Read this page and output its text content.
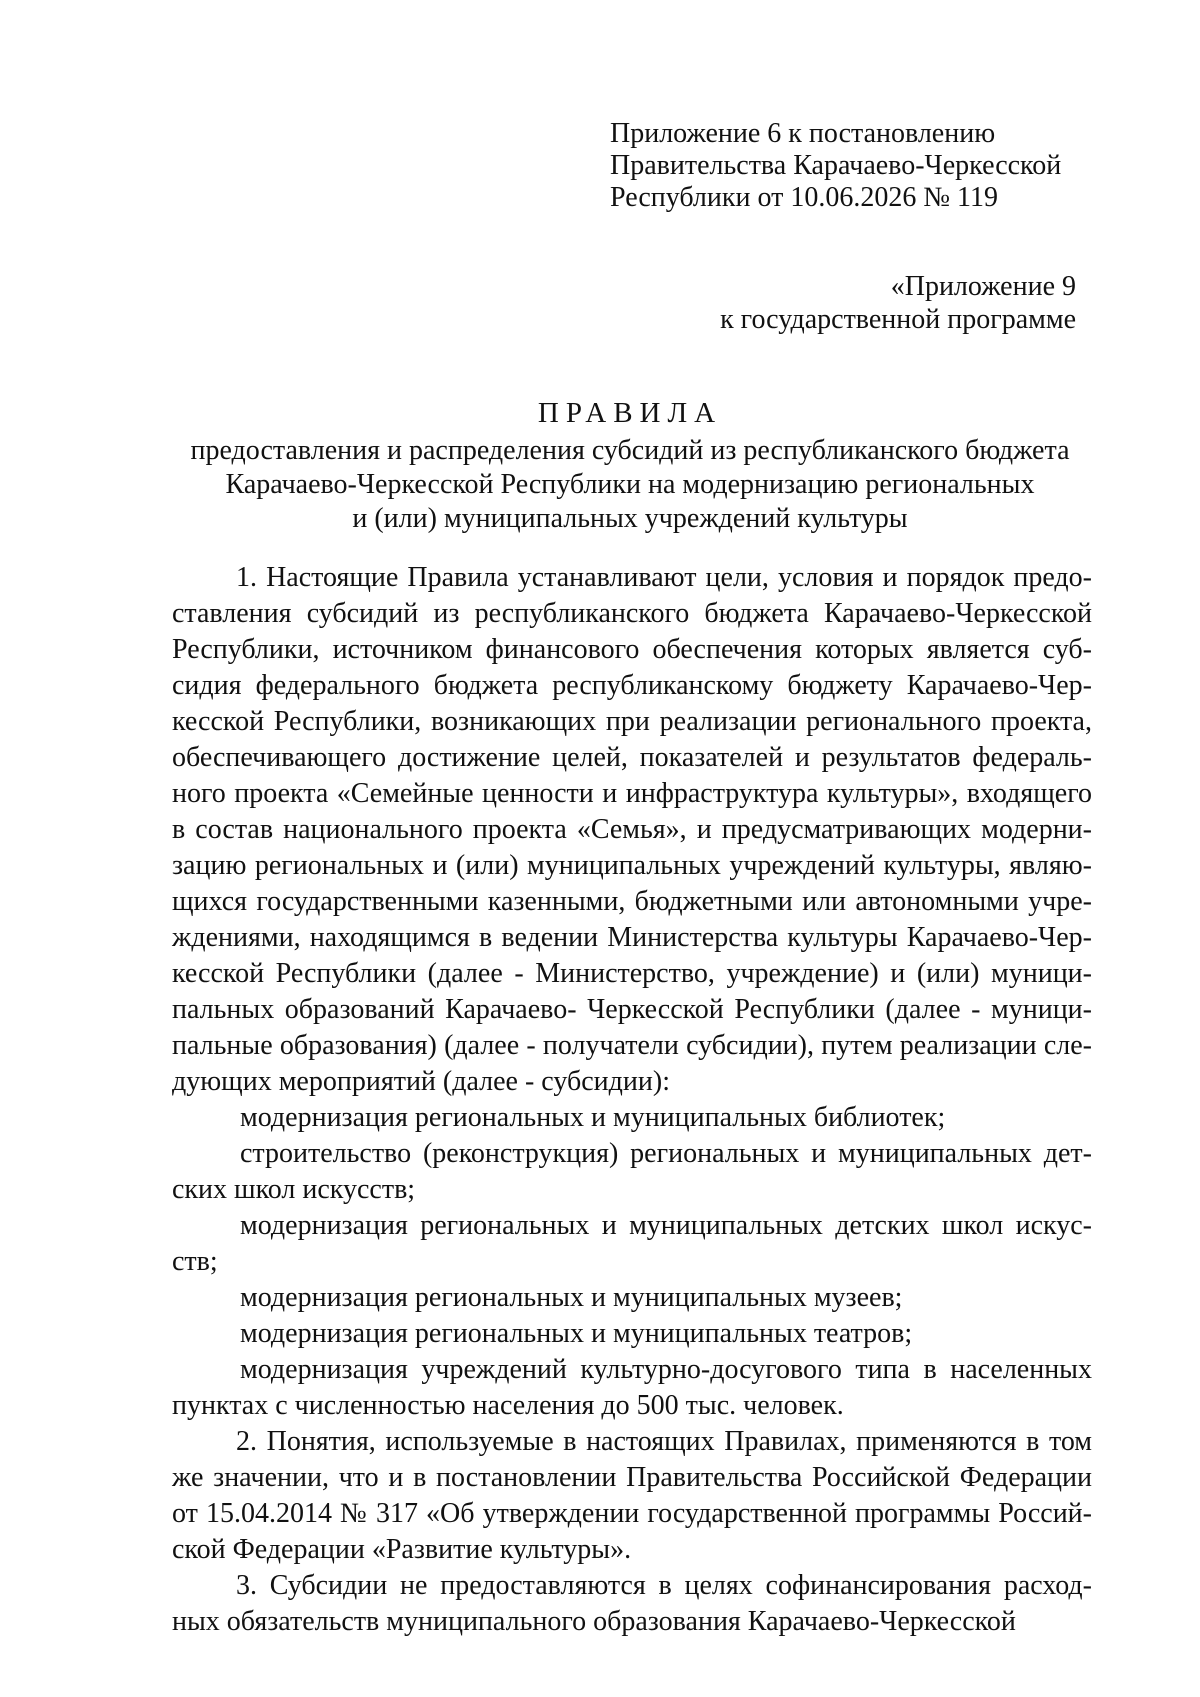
Приложение 6 к постановлению
Правительства Карачаево-Черкесской
Республики от 10.06.2026 № 119
«Приложение 9
к государственной программе
ПРАВИЛА
предоставления и распределения субсидий из республиканского бюджета
Карачаево-Черкесской Республики на модернизацию региональных
и (или) муниципальных учреждений культуры
1. Настоящие Правила устанавливают цели, условия и порядок предо-
ставления субсидий из республиканского бюджета Карачаево-Черкесской
Республики, источником финансового обеспечения которых является суб-
сидия федерального бюджета республиканскому бюджету Карачаево-Чер-
кесской Республики, возникающих при реализации регионального проекта,
обеспечивающего достижение целей, показателей и результатов федераль-
ного проекта «Семейные ценности и инфраструктура культуры», входящего
в состав национального проекта «Семья», и предусматривающих модерни-
зацию региональных и (или) муниципальных учреждений культуры, являю-
щихся государственными казенными, бюджетными или автономными учре-
ждениями, находящимся в ведении Министерства культуры Карачаево-Чер-
кесской Республики (далее - Министерство, учреждение) и (или) муници-
пальных образований Карачаево- Черкесской Республики (далее - муници-
пальные образования) (далее - получатели субсидии), путем реализации сле-
дующих мероприятий (далее - субсидии):
модернизация региональных и муниципальных библиотек;
строительство (реконструкция) региональных и муниципальных дет-
ских школ искусств;
модернизация региональных и муниципальных детских школ искус-
ств;
модернизация региональных и муниципальных музеев;
модернизация региональных и муниципальных театров;
модернизация учреждений культурно-досугового типа в населенных
пунктах с численностью населения до 500 тыс. человек.
2. Понятия, используемые в настоящих Правилах, применяются в том
же значении, что и в постановлении Правительства Российской Федерации
от 15.04.2014 № 317 «Об утверждении государственной программы Россий-
ской Федерации «Развитие культуры».
3. Субсидии не предоставляются в целях софинансирования расход-
ных обязательств муниципального образования Карачаево-Черкесской
